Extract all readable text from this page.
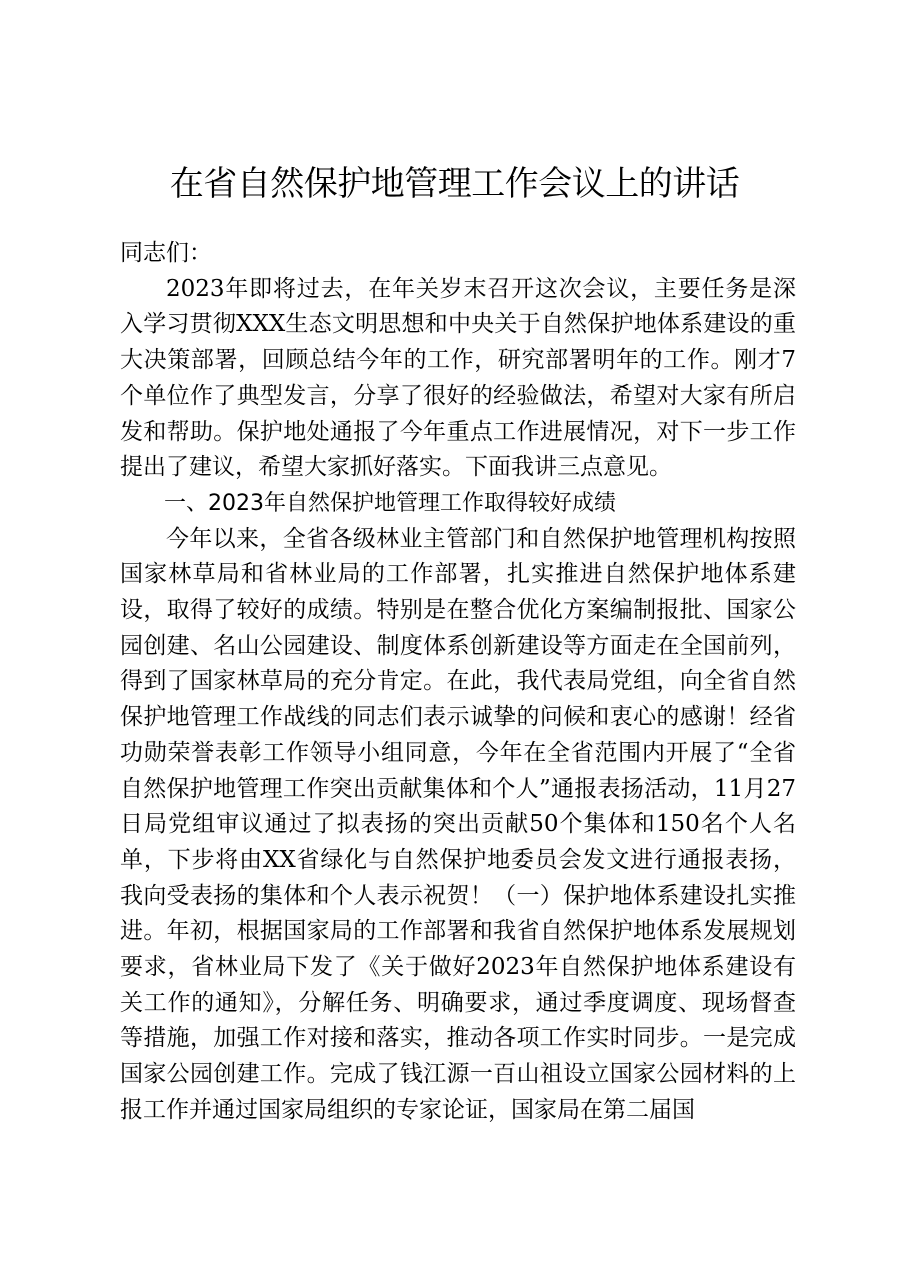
在省自然保护地管理工作会议上的讲话

同志们：

2023年即将过去，在年关岁末召开这次会议，主要任务是深入学习贯彻XXX生态文明思想和中央关于自然保护地体系建设的重大决策部署，回顾总结今年的工作，研究部署明年的工作。刚才7个单位作了典型发言，分享了很好的经验做法，希望对大家有所启发和帮助。保护地处通报了今年重点工作进展情况，对下一步工作提出了建议，希望大家抓好落实。下面我讲三点意见。

一、2023年自然保护地管理工作取得较好成绩

今年以来，全省各级林业主管部门和自然保护地管理机构按照国家林草局和省林业局的工作部署，扎实推进自然保护地体系建设，取得了较好的成绩。特别是在整合优化方案编制报批、国家公园创建、名山公园建设、制度体系创新建设等方面走在全国前列，得到了国家林草局的充分肯定。在此，我代表局党组，向全省自然保护地管理工作战线的同志们表示诚挚的问候和衷心的感谢！经省功勋荣誉表彰工作领导小组同意，今年在全省范围内开展了“全省自然保护地管理工作突出贡献集体和个人”通报表扬活动，11月27日局党组审议通过了拟表扬的突出贡献50个集体和150名个人名单，下步将由XX省绿化与自然保护地委员会发文进行通报表扬，我向受表扬的集体和个人表示祝贺！（一）保护地体系建设扎实推进。年初，根据国家局的工作部署和我省自然保护地体系发展规划要求，省林业局下发了《关于做好2023年自然保护地体系建设有关工作的通知》，分解任务、明确要求，通过季度调度、现场督查等措施，加强工作对接和落实，推动各项工作实时同步。一是完成国家公园创建工作。完成了钱江源一百山祖设立国家公园材料的上报工作并通过国家局组织的专家论证，国家局在第二届国
